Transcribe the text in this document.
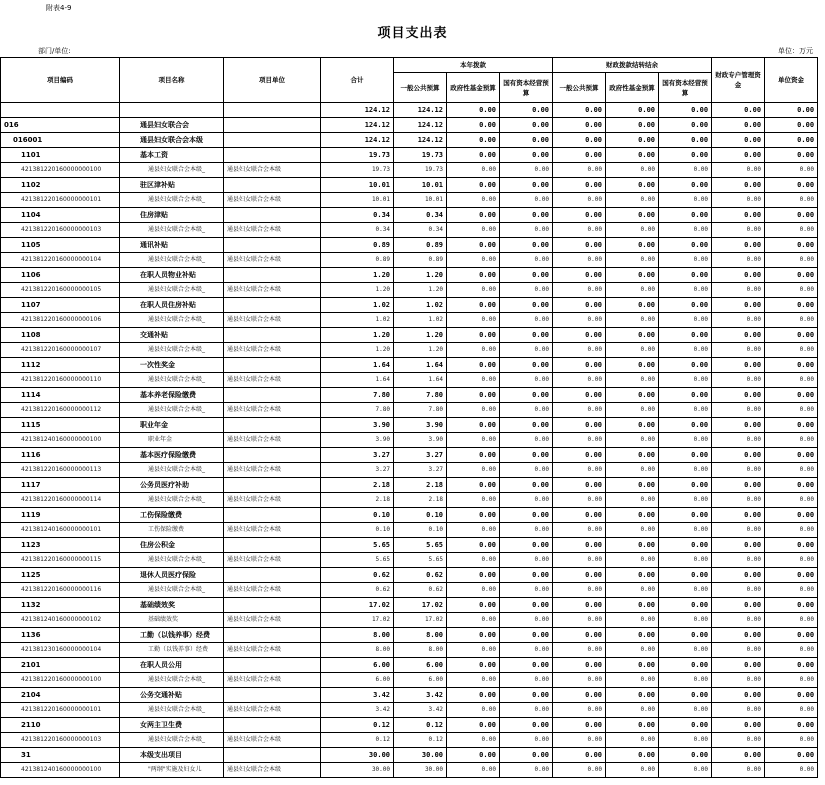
附表4-9
项目支出表
部门/单位:	单位：万元
项目编码	项目名称	项目单位	合计	本年拨款			财政拨款结转结余			财政专户管理资金	单位资金
				一般公共预算	政府性基金预算	国有资本经营预算	一般公共预算	政府性基金预算	国有资本经营预算		
			124.12	124.12	0.00	0.00	0.00	0.00	0.00	0.00	0.00
016	通县妇女联合会		124.12	124.12	0.00	0.00	0.00	0.00	0.00	0.00	0.00
016001	通县妇女联合会本级		124.12	124.12	0.00	0.00	0.00	0.00	0.00	0.00	0.00
1101	基本工资		19.73	19.73	0.00	0.00	0.00	0.00	0.00	0.00	0.00
421381220160000000100	通县妇女联合会本级_	通县妇女联合会本级	19.73	19.73	0.00	0.00	0.00	0.00	0.00	0.00	0.00
1102	驻区津补贴		10.01	10.01	0.00	0.00	0.00	0.00	0.00	0.00	0.00
421381220160000000101	通县妇女联合会本级_	通县妇女联合会本级	10.01	10.01	0.00	0.00	0.00	0.00	0.00	0.00	0.00
1104	住房津贴		0.34	0.34	0.00	0.00	0.00	0.00	0.00	0.00	0.00
421381220160000000103	通县妇女联合会本级_	通县妇女联合会本级	0.34	0.34	0.00	0.00	0.00	0.00	0.00	0.00	0.00
1105	通讯补贴		0.89	0.89	0.00	0.00	0.00	0.00	0.00	0.00	0.00
421381220160000000104	通县妇女联合会本级_	通县妇女联合会本级	0.89	0.89	0.00	0.00	0.00	0.00	0.00	0.00	0.00
1106	在职人员物业补贴		1.20	1.20	0.00	0.00	0.00	0.00	0.00	0.00	0.00
421381220160000000105	通县妇女联合会本级_	通县妇女联合会本级	1.20	1.20	0.00	0.00	0.00	0.00	0.00	0.00	0.00
1107	在职人员住房补贴		1.02	1.02	0.00	0.00	0.00	0.00	0.00	0.00	0.00
421381220160000000106	通县妇女联合会本级_	通县妇女联合会本级	1.02	1.02	0.00	0.00	0.00	0.00	0.00	0.00	0.00
1108	交通补贴		1.20	1.20	0.00	0.00	0.00	0.00	0.00	0.00	0.00
421381220160000000107	通县妇女联合会本级_	通县妇女联合会本级	1.20	1.20	0.00	0.00	0.00	0.00	0.00	0.00	0.00
1112	一次性奖金		1.64	1.64	0.00	0.00	0.00	0.00	0.00	0.00	0.00
421381220160000000110	通县妇女联合会本级_	通县妇女联合会本级	1.64	1.64	0.00	0.00	0.00	0.00	0.00	0.00	0.00
1114	基本养老保险缴费		7.80	7.80	0.00	0.00	0.00	0.00	0.00	0.00	0.00
421381220160000000112	通县妇女联合会本级_	通县妇女联合会本级	7.80	7.80	0.00	0.00	0.00	0.00	0.00	0.00	0.00
1115	职业年金		3.90	3.90	0.00	0.00	0.00	0.00	0.00	0.00	0.00
421381240160000000100	职业年金	通县妇女联合会本级	3.90	3.90	0.00	0.00	0.00	0.00	0.00	0.00	0.00
1116	基本医疗保险缴费		3.27	3.27	0.00	0.00	0.00	0.00	0.00	0.00	0.00
421381220160000000113	通县妇女联合会本级_	通县妇女联合会本级	3.27	3.27	0.00	0.00	0.00	0.00	0.00	0.00	0.00
1117	公务员医疗补助		2.18	2.18	0.00	0.00	0.00	0.00	0.00	0.00	0.00
421381220160000000114	通县妇女联合会本级_	通县妇女联合会本级	2.18	2.18	0.00	0.00	0.00	0.00	0.00	0.00	0.00
1119	工伤保险缴费		0.10	0.10	0.00	0.00	0.00	0.00	0.00	0.00	0.00
421381240160000000101	工伤保险缴费	通县妇女联合会本级	0.10	0.10	0.00	0.00	0.00	0.00	0.00	0.00	0.00
1123	住房公积金		5.65	5.65	0.00	0.00	0.00	0.00	0.00	0.00	0.00
421381220160000000115	通县妇女联合会本级_	通县妇女联合会本级	5.65	5.65	0.00	0.00	0.00	0.00	0.00	0.00	0.00
1125	退休人员医疗保险		0.62	0.62	0.00	0.00	0.00	0.00	0.00	0.00	0.00
421381220160000000116	通县妇女联合会本级_	通县妇女联合会本级	0.62	0.62	0.00	0.00	0.00	0.00	0.00	0.00	0.00
1132	基础绩效奖		17.02	17.02	0.00	0.00	0.00	0.00	0.00	0.00	0.00
421381240160000000102	基础绩效奖	通县妇女联合会本级	17.02	17.02	0.00	0.00	0.00	0.00	0.00	0.00	0.00
1136	工勤（以钱养事）经费		8.00	8.00	0.00	0.00	0.00	0.00	0.00	0.00	0.00
421381230160000000104	工勤（以钱养事）经费	通县妇女联合会本级	8.00	8.00	0.00	0.00	0.00	0.00	0.00	0.00	0.00
2101	在职人员公用		6.00	6.00	0.00	0.00	0.00	0.00	0.00	0.00	0.00
421381220160000000100	通县妇女联合会本级_	通县妇女联合会本级	6.00	6.00	0.00	0.00	0.00	0.00	0.00	0.00	0.00
2104	公务交通补贴		3.42	3.42	0.00	0.00	0.00	0.00	0.00	0.00	0.00
421381220160000000101	通县妇女联合会本级_	通县妇女联合会本级	3.42	3.42	0.00	0.00	0.00	0.00	0.00	0.00	0.00
2110	女两主卫生费		0.12	0.12	0.00	0.00	0.00	0.00	0.00	0.00	0.00
421381220160000000103	通县妇女联合会本级_	通县妇女联合会本级	0.12	0.12	0.00	0.00	0.00	0.00	0.00	0.00	0.00
31	本级支出项目		30.00	30.00	0.00	0.00	0.00	0.00	0.00	0.00	0.00
421381240160000000100	"两纲"实施及妇女儿	通县妇女联合会本级	30.00	30.00	0.00	0.00	0.00	0.00	0.00	0.00	0.00
